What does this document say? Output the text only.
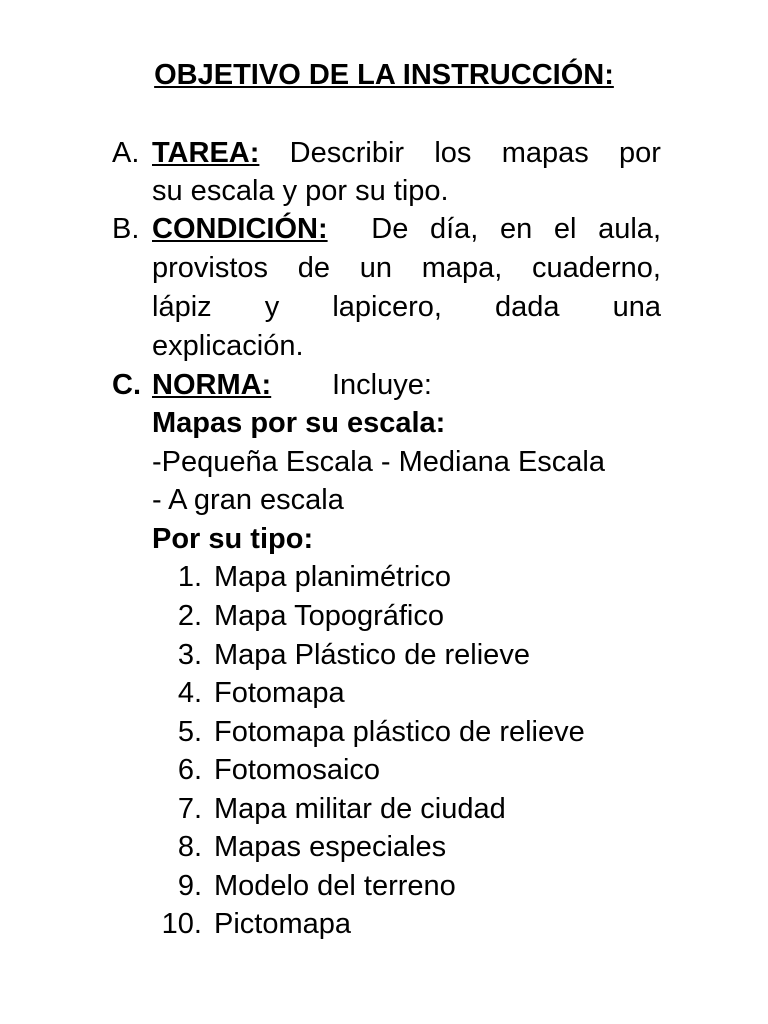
OBJETIVO DE LA INSTRUCCIÓN:
A. TAREA: Describir los mapas por
su escala y por su tipo.
B. CONDICIÓN: De día, en el aula,
provistos de un mapa, cuaderno,
lápiz y lapicero, dada una
explicación.
C. NORMA: Incluye:
Mapas por su escala:
-Pequeña Escala - Mediana Escala
- A gran escala
Por su tipo:
1. Mapa planimétrico
2. Mapa Topográfico
3. Mapa Plástico de relieve
4. Fotomapa
5. Fotomapa plástico de relieve
6. Fotomosaico
7. Mapa militar de ciudad
8. Mapas especiales
9. Modelo del terreno
10. Pictomapa
